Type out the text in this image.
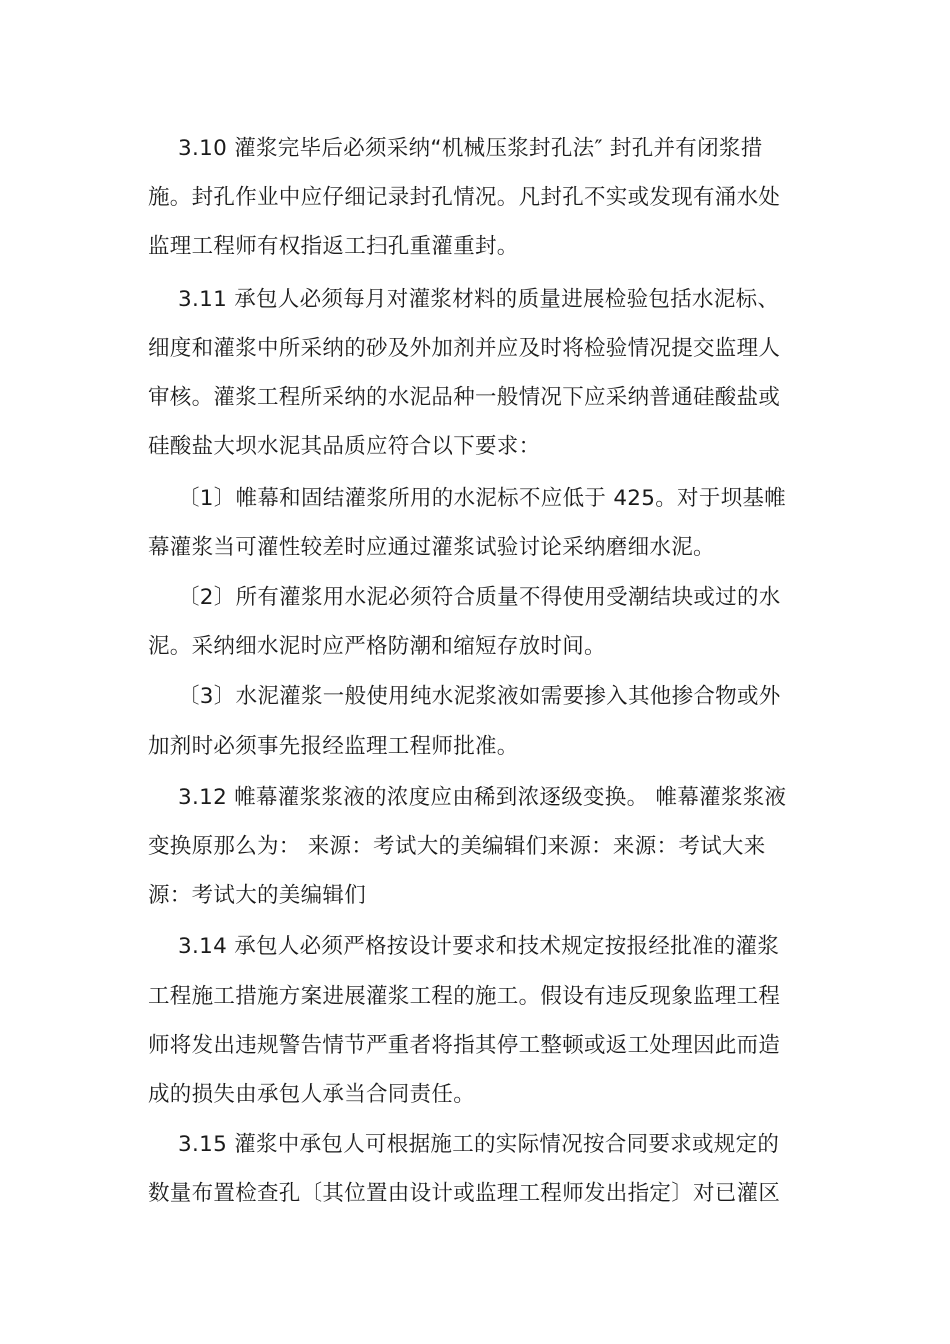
3.10 灌浆完毕后必须采纳“机械压浆封孔法″ 封孔并有闭浆措
施。封孔作业中应仔细记录封孔情况。凡封孔不实或发现有涌水处
监理工程师有权指返工扫孔重灌重封。
3.11 承包人必须每月对灌浆材料的质量进展检验包括水泥标、
细度和灌浆中所采纳的砂及外加剂并应及时将检验情况提交监理人
审核。灌浆工程所采纳的水泥品种一般情况下应采纳普通硅酸盐或
硅酸盐大坝水泥其品质应符合以下要求：
〔1〕帷幕和固结灌浆所用的水泥标不应低于 425。对于坝基帷
幕灌浆当可灌性较差时应通过灌浆试验讨论采纳磨细水泥。
〔2〕所有灌浆用水泥必须符合质量不得使用受潮结块或过的水
泥。采纳细水泥时应严格防潮和缩短存放时间。
〔3〕水泥灌浆一般使用纯水泥浆液如需要掺入其他掺合物或外
加剂时必须事先报经监理工程师批准。
3.12 帷幕灌浆浆液的浓度应由稀到浓逐级变换。 帷幕灌浆浆液
变换原那么为： 来源：考试大的美编辑们来源：来源：考试大来
源：考试大的美编辑们
3.14 承包人必须严格按设计要求和技术规定按报经批准的灌浆
工程施工措施方案进展灌浆工程的施工。假设有违反现象监理工程
师将发出违规警告情节严重者将指其停工整顿或返工处理因此而造
成的损失由承包人承当合同责任。
3.15 灌浆中承包人可根据施工的实际情况按合同要求或规定的
数量布置检查孔〔其位置由设计或监理工程师发出指定〕对已灌区
